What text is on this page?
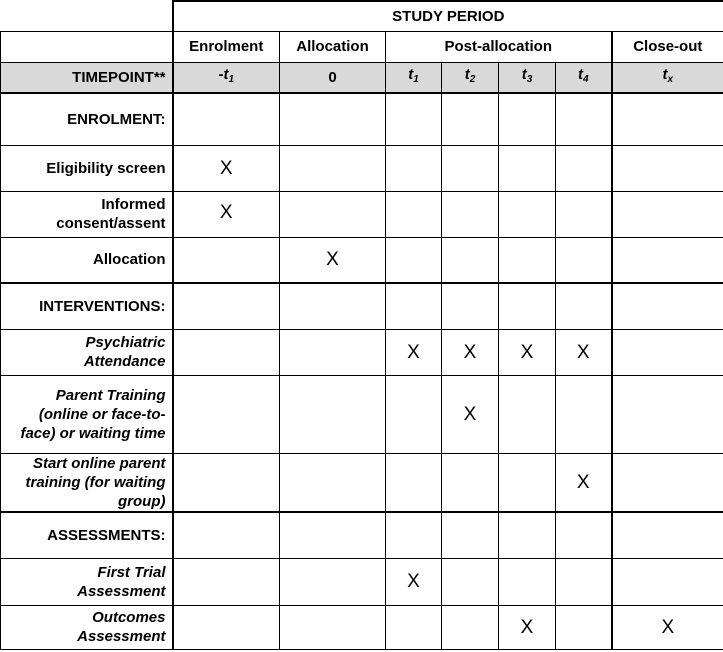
	STUDY PERIOD						
	Enrolment	Allocation	Post-allocation				Close-out
TIMEPOINT**	$-t_1$	0	$t_1$	$t_2$	$t_3$	$t_4$	$t_x$
ENROLMENT:							
Eligibility screen	X						
Informed consent/assent	X						
Allocation		X					
INTERVENTIONS:							
Psychiatric Attendance			X	X	X	X	
Parent Training (online or face-to-face) or waiting time				X			
Start online parent training (for waiting group)						X	
ASSESSMENTS:							
First Trial Assessment			X				
Outcomes Assessment					X		X
